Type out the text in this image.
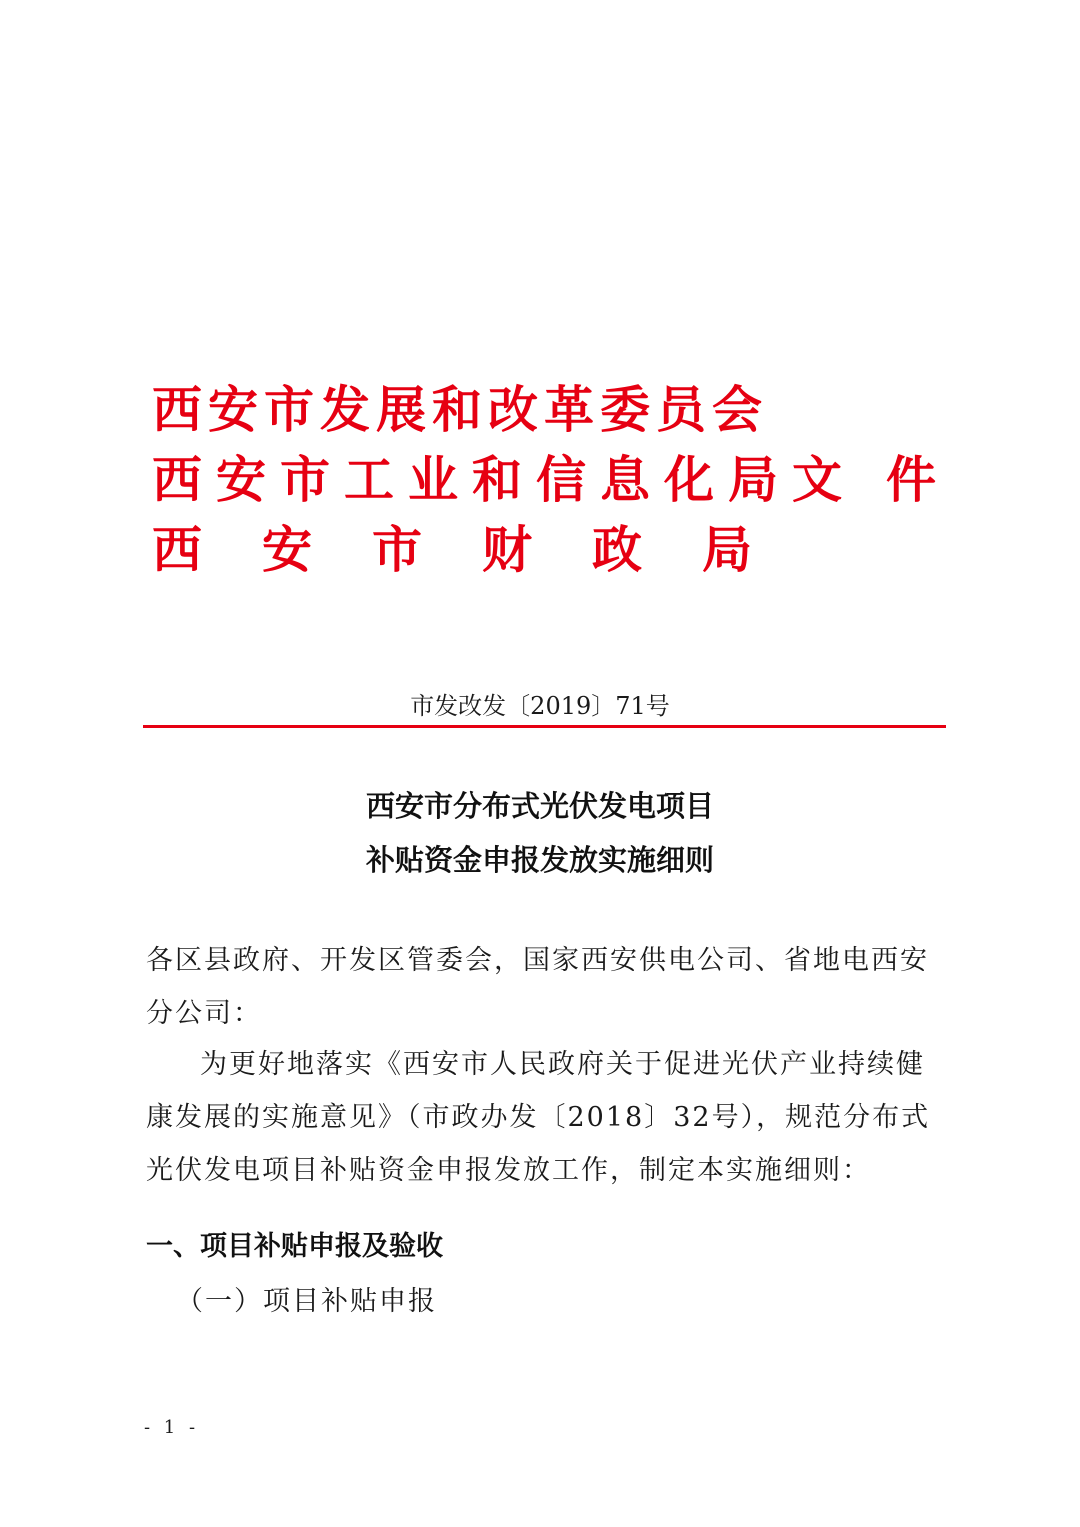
西安市发展和改革委员会
西安市工业和信息化局文 件
西安市财政局
市发改发〔2019〕71号
西安市分布式光伏发电项目
补贴资金申报发放实施细则
各区县政府、开发区管委会，国家西安供电公司、省地电西安分公司：
为更好地落实《西安市人民政府关于促进光伏产业持续健康发展的实施意见》（市政办发〔2018〕32号），规范分布式光伏发电项目补贴资金申报发放工作，制定本实施细则：
一、项目补贴申报及验收
（一）项目补贴申报
- 1 -
